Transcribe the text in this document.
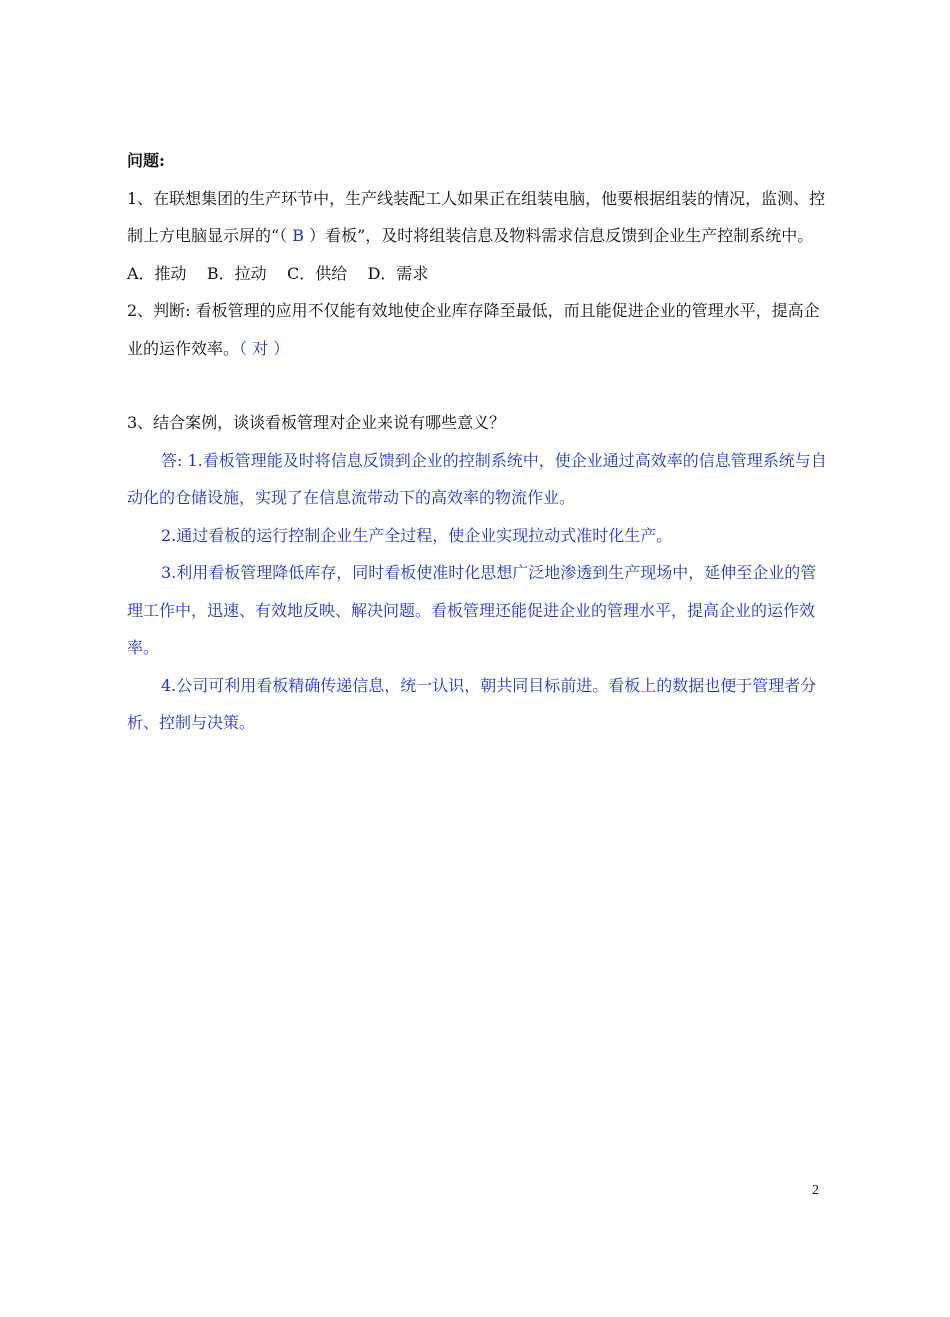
问题:

1、在联想集团的生产环节中，生产线装配工人如果正在组装电脑，他要根据组装的情况，监测、控制上方电脑显示屏的“（ B ）看板”，及时将组装信息及物料需求信息反馈到企业生产控制系统中。

A．推动    B．拉动    C．供给    D．需求

2、判断: 看板管理的应用不仅能有效地使企业库存降至最低，而且能促进企业的管理水平，提高企业的运作效率。（ 对 ）

3、结合案例，谈谈看板管理对企业来说有哪些意义？

答: 1.看板管理能及时将信息反馈到企业的控制系统中，使企业通过高效率的信息管理系统与自动化的仓储设施，实现了在信息流带动下的高效率的物流作业。

2.通过看板的运行控制企业生产全过程，使企业实现拉动式准时化生产。

3.利用看板管理降低库存，同时看板使准时化思想广泛地渗透到生产现场中，延伸至企业的管理工作中，迅速、有效地反映、解决问题。看板管理还能促进企业的管理水平，提高企业的运作效率。

4.公司可利用看板精确传递信息，统一认识，朝共同目标前进。看板上的数据也便于管理者分析、控制与决策。

2
